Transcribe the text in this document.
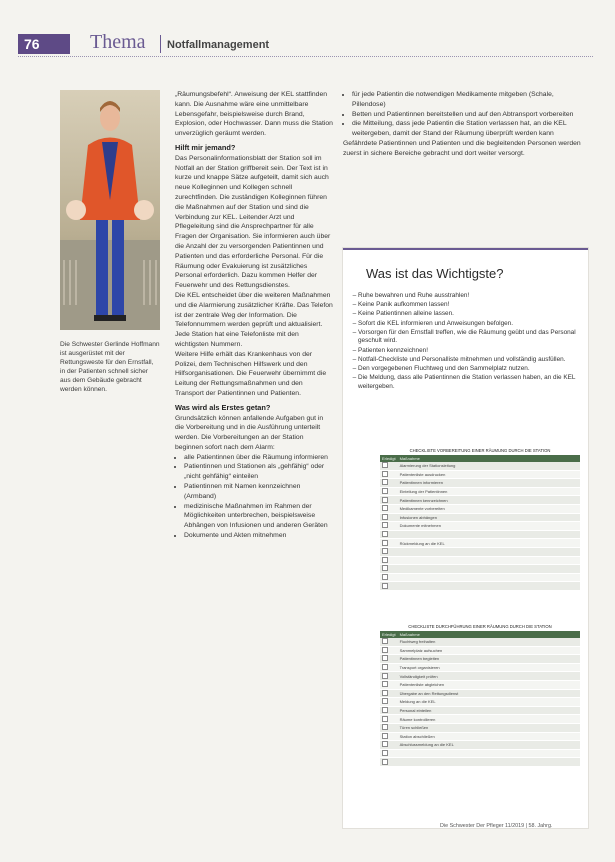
76	Thema Notfallmanagement
Die Schwester Gerlinde Hoffmann ist ausgerüstet mit der Rettungsweste für den Ernstfall, in der Patienten schnell sicher aus dem Gebäude gebracht werden können.

„Räumungsbefehl“. Anweisung der KEL stattfinden kann. Die Ausnahme wäre eine unmittelbare Lebensgefahr, beispielsweise durch Brand, Explosion, oder Hochwasser. Dann muss die Station unverzüglich geräumt werden.

Hilft mir jemand?

Das Personalinformationsblatt der Station soll im Notfall an der Station griffbereit sein. Der Text ist in kurze und knappe Sätze aufgeteilt, damit sich auch neue Kolleginnen und Kollegen schnell zurechtfinden. Die zuständigen Kolleginnen führen die Maßnahmen auf der Station und sind die Verbindung zur KEL. Leitender Arzt und Pflegeleitung sind die Ansprechpartner für alle Fragen der Organisation. Sie informieren auch über die Anzahl der zu versorgenden Patientinnen und Patienten und das erforderliche Personal. Für die Räumung oder Evakuierung ist zusätzliches Personal erforderlich. Dazu kommen Helfer der Feuerwehr und des Rettungsdienstes.

Die KEL entscheidet über die weiteren Maßnahmen und die Alarmierung zusätzlicher Kräfte. Das Telefon ist der zentrale Weg der Information. Die Telefonnummern werden geprüft und aktualisiert. Jede Station hat eine Telefonliste mit den wichtigsten Nummern.

Weitere Hilfe erhält das Krankenhaus von der Polizei, dem Technischen Hilfswerk und den Hilfsorganisationen. Die Feuerwehr übernimmt die Leitung der Rettungsmaßnahmen und den Transport der Patientinnen und Patienten.

Was wird als Erstes getan?

Grundsätzlich können anfallende Aufgaben gut in die Vorbereitung und in die Ausführung unterteilt werden. Die Vorbereitungen an der Station beginnen sofort nach dem Alarm:

• alle Patientinnen über die Räumung informieren
• Patientinnen und Stationen als „gehfähig“ oder „nicht gehfähig“ einteilen
• Patientinnen mit Namen kennzeichnen (Armband)
• medizinische Maßnahmen im Rahmen der Möglichkeiten unterbrechen, beispielsweise Abhängen von Infusionen und anderen Geräten
• Dokumente und Akten mitnehmen
• für jede Patientin die notwendigen Medikamente mitgeben (Schale, Pillendose)
• Betten und Patientinnen bereitstellen und auf den Abtransport vorbereiten
• die Mitteilung, dass jede Patientin die Station verlassen hat, an die KEL weitergeben, damit der Stand der Räumung überprüft werden kann

Gefährdete Patientinnen und Patienten und die begleitenden Personen werden zuerst in sichere Bereiche gebracht und dort weiter versorgt.

Was ist das Wichtigste?
– Ruhe bewahren und Ruhe ausstrahlen!
– Keine Panik aufkommen lassen!
– Keine Patientinnen alleine lassen.
– Sofort die KEL informieren und Anweisungen befolgen.
– Vorsorgen für den Ernstfall treffen, wie die Räumung geübt und das Personal geschult wird.
– Patienten kennzeichnen!
– Notfall-Checkliste und Personalliste mitnehmen und vollständig ausfüllen.
– Den vorgegebenen Fluchtweg und den Sammelplatz nutzen.
– Die Meldung, dass alle Patientinnen die Station verlassen haben, an die KEL weitergeben.
CHECKLISTE VORBEREITUNG EINER RÄUMUNG DURCH DIE STATION
Erledigt	Maßnahme
	Alarmierung der Stationsleitung
	Patientenliste ausdrucken
	Patientinnen informieren
	Einteilung der Patientinnen
	Patientinnen kennzeichnen
	Medikamente vorbereiten
	Infusionen abhängen
	Dokumente mitnehmen

	Rückmeldung an die KEL

CHECKLISTE DURCHFÜHRUNG EINER RÄUMUNG DURCH DIE STATION
Erledigt	Maßnahme
	Fluchtweg freihalten
	Sammelplatz aufsuchen
	Patientinnen begleiten
	Transport organisieren
	Vollständigkeit prüfen
	Patientenliste abgleichen
	Übergabe an den Rettungsdienst
	Meldung an die KEL
	Personal einteilen
	Räume kontrollieren
	Türen schließen
	Station abschließen
	Abschlussmeldung an die KEL

Die Schwester Der Pfleger 11/2019 | 58. Jahrg.
